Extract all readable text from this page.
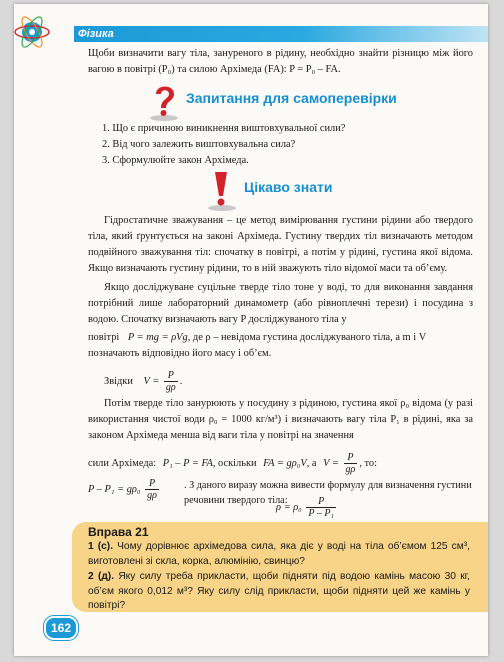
Фізика
Щоби визначити вагу тіла, зануреного в рідину, необхідно знайти різницю між його вагою в повітрі (P₀) та силою Архімеда (FA): P = P₀ – FA.
Запитання для самоперевірки
1. Що є причиною виникнення виштовхувальної сили?
2. Від чого залежить виштовхувальна сила?
3. Сформулюйте закон Архімеда.
Цікаво знати

Гідростатичне зважування – це метод вимірювання густини рідини або твердого тіла, який ґрунтується на законі Архімеда. Густину твердих тіл визначають методом подвійного зважування тіл: спочатку в повітрі, а потім у рідині, густина якої відома. Якщо визначають густину рідини, то в ній зважують тіло відомої маси та об’єму.

Якщо досліджуване суцільне тверде тіло тоне у воді, то для виконання завдання потрібний лише лабораторний динамометр (або рівноплечні терези) і посудина з водою. Спочатку визначають вагу P досліджуваного тіла у

повітрі P = mg = ρVg, де ρ – невідома густина досліджуваного тіла, а m і V
позначають відповідно його масу і об’єм.
Звідки $V = \frac{P}{g\rho}$ .

Потім тверде тіло занурюють у посудину з рідиною, густина якої ρ₀ відома (у разі використання чистої води ρ₀ = 1000 кг/м³) і визначають вагу тіла P₁ в рідині, яка за законом Архімеда менша від ваги тіла у повітрі на значення

сили Архімеда: P₁ – P = FA, оскільки FA = gρ₀V, а $V = \frac{P}{g\rho}$ , то:
$P - P_1 = g\rho_0 \frac{P}{g\rho}$ . З даного виразу можна вивести формулу для визначення густини речовини твердого тіла:
$\rho = \rho_0 \frac{P}{\text{P – P₁}}$
Вправа 21
1 (с). Чому дорівнює архімедова сила, яка діє у воді на тіла об’ємом 125 см³, виготовлені зі скла, корка, алюмінію, свинцю?
2 (д). Яку силу треба прикласти, щоби підняти під водою камінь масою 30 кг, об’єм якого 0,012 м³? Яку силу слід прикласти, щоби підняти цей же камінь у повітрі?
162
